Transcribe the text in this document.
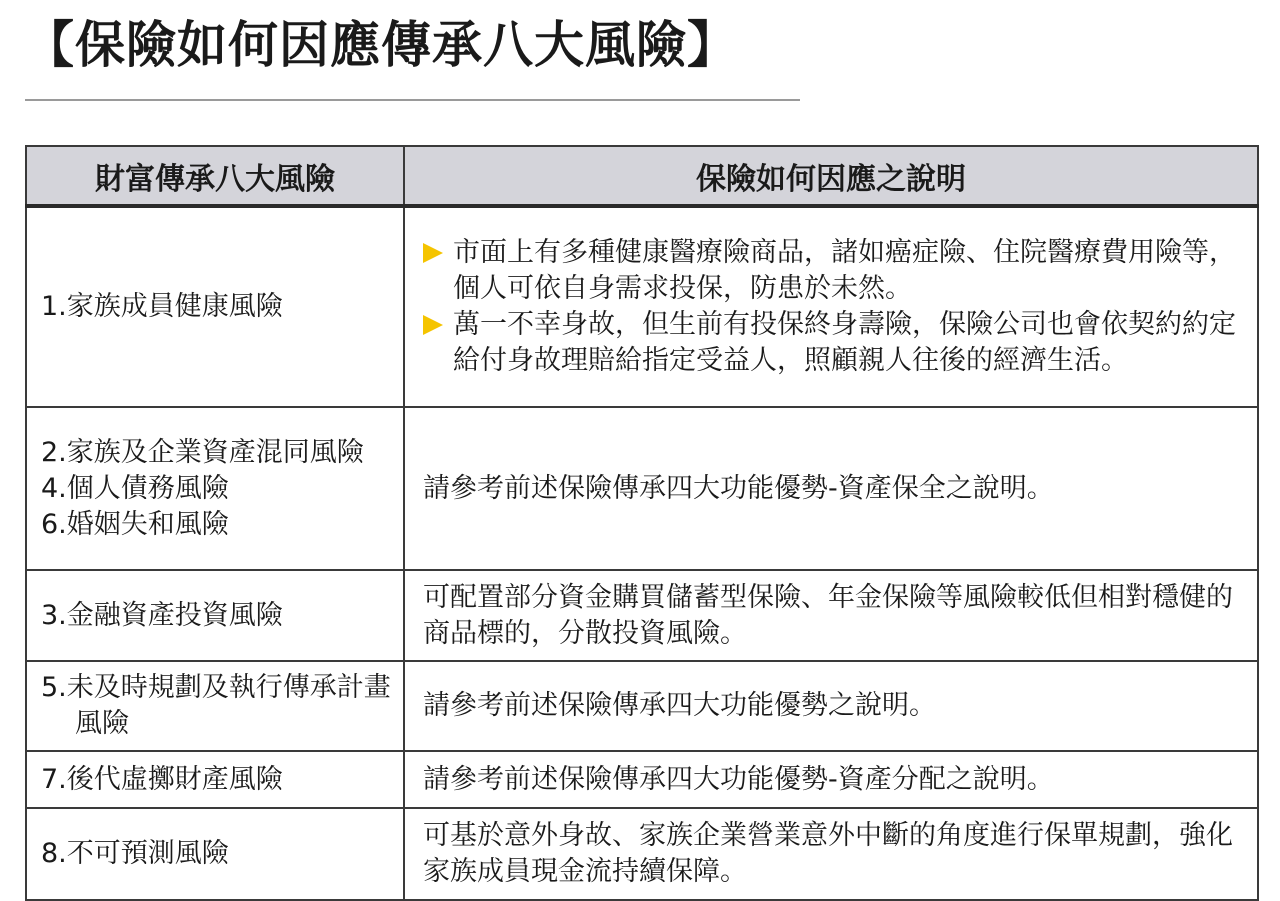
【保險如何因應傳承八大風險】
財富傳承八大風險	保險如何因應之說明

1.家族成員健康風險	市面上有多種健康醫療險商品，諸如癌症險、住院醫療費用險等，個人可依自身需求投保，防患於未然。
萬一不幸身故，但生前有投保終身壽險，保險公司也會依契約約定給付身故理賠給指定受益人，照顧親人往後的經濟生活。

2.家族及企業資產混同風險
4.個人債務風險
6.婚姻失和風險	請參考前述保險傳承四大功能優勢-資產保全之說明。

3.金融資產投資風險	可配置部分資金購買儲蓄型保險、年金保險等風險較低但相對穩健的商品標的，分散投資風險。

5.未及時規劃及執行傳承計畫風險	請參考前述保險傳承四大功能優勢之說明。

7.後代虛擲財產風險	請參考前述保險傳承四大功能優勢-資產分配之說明。

8.不可預測風險	可基於意外身故、家族企業營業意外中斷的角度進行保單規劃，強化家族成員現金流持續保障。
